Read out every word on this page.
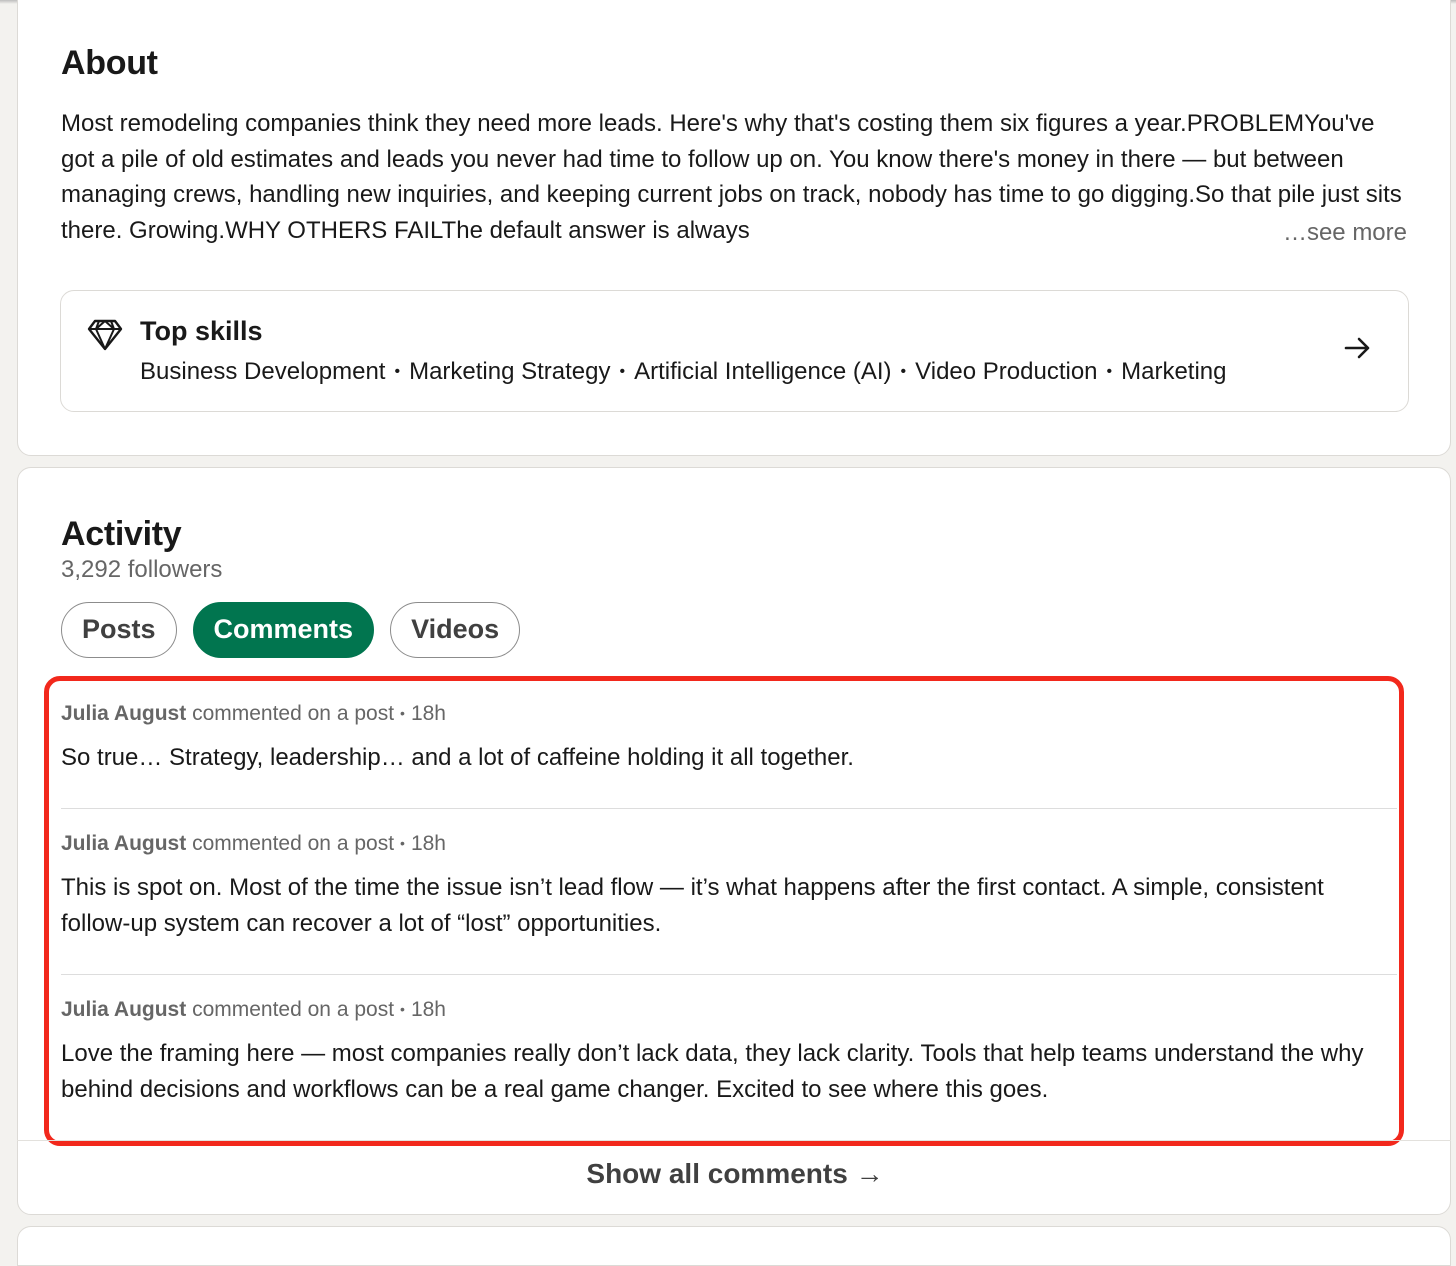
About
Most remodeling companies think they need more leads. Here's why that's costing them six figures a year.PROBLEMYou've got a pile of old estimates and leads you never had time to follow up on. You know there's money in there — but between managing crews, handling new inquiries, and keeping current jobs on track, nobody has time to go digging.So that pile just sits there. Growing.WHY OTHERS FAILThe default answer is always	…see more
Top skills
Business Development • Marketing Strategy • Artificial Intelligence (AI) • Video Production • Marketing
Activity
3,292 followers
Posts	Comments	Videos
Julia August commented on a post • 18h
So true… Strategy, leadership… and a lot of caffeine holding it all together.
Julia August commented on a post • 18h
This is spot on. Most of the time the issue isn’t lead flow — it’s what happens after the first contact. A simple, consistent follow-up system can recover a lot of “lost” opportunities.
Julia August commented on a post • 18h
Love the framing here — most companies really don’t lack data, they lack clarity. Tools that help teams understand the why behind decisions and workflows can be a real game changer. Excited to see where this goes.
Show all comments →
